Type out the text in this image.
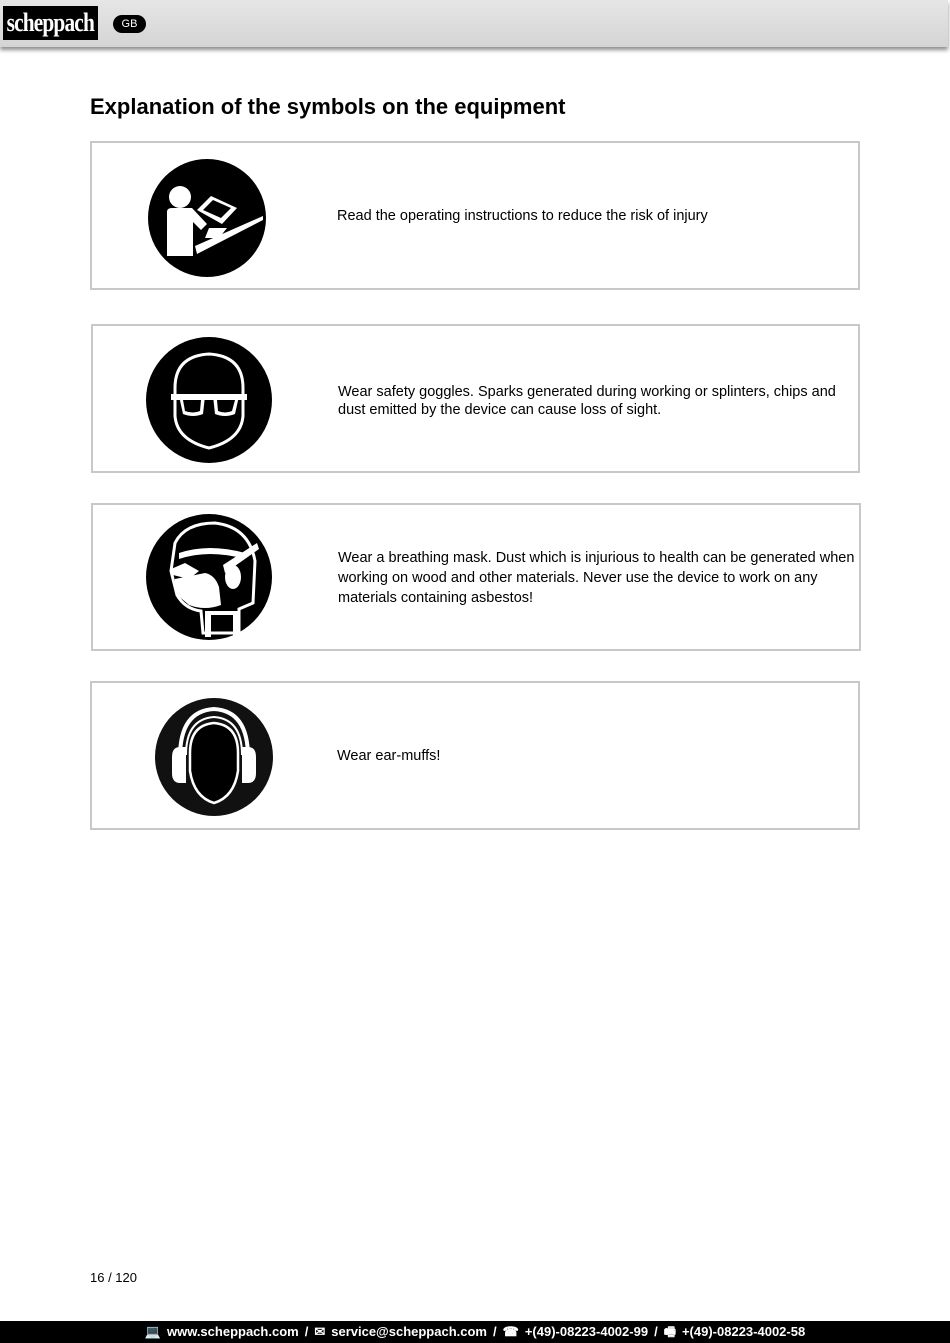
scheppach	GB
Explanation of the symbols on the equipment
Read the operating instructions to reduce the risk of injury
Wear safety goggles. Sparks generated during working or splinters, chips and dust emitted by the device can cause loss of sight.
Wear a breathing mask. Dust which is injurious to health can be generated when working on wood and other materials. Never use the device to work on any materials containing asbestos!
Wear ear-muffs!
16 / 120
💻 www.scheppach.com / ✉ service@scheppach.com / ☎ +(49)-08223-4002-99 / 🖷 +(49)-08223-4002-58
